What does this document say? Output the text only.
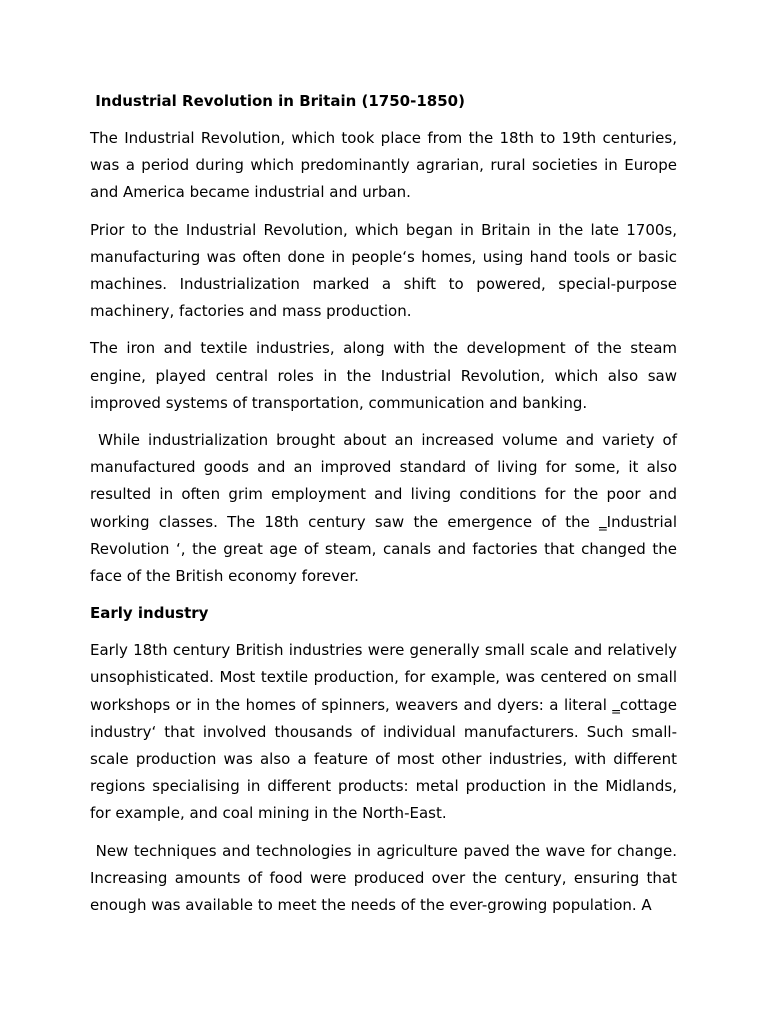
Industrial Revolution in Britain (1750-1850)

The Industrial Revolution, which took place from the 18th to 19th centuries, was a period during which predominantly agrarian, rural societies in Europe and America became industrial and urban.

Prior to the Industrial Revolution, which began in Britain in the late 1700s, manufacturing was often done in people‘s homes, using hand tools or basic machines. Industrialization marked a shift to powered, special-purpose machinery, factories and mass production.

The iron and textile industries, along with the development of the steam engine, played central roles in the Industrial Revolution, which also saw improved systems of transportation, communication and banking.

While industrialization brought about an increased volume and variety of manufactured goods and an improved standard of living for some, it also resulted in often grim employment and living conditions for the poor and working classes. The 18th century saw the emergence of the ‗Industrial Revolution ‘, the great age of steam, canals and factories that changed the face of the British economy forever.

Early industry

Early 18th century British industries were generally small scale and relatively unsophisticated. Most textile production, for example, was centered on small workshops or in the homes of spinners, weavers and dyers: a literal ‗cottage industry‘ that involved thousands of individual manufacturers. Such small-scale production was also a feature of most other industries, with different regions specialising in different products: metal production in the Midlands, for example, and coal mining in the North-East.

New techniques and technologies in agriculture paved the wave for change. Increasing amounts of food were produced over the century, ensuring that enough was available to meet the needs of the ever-growing population. A
